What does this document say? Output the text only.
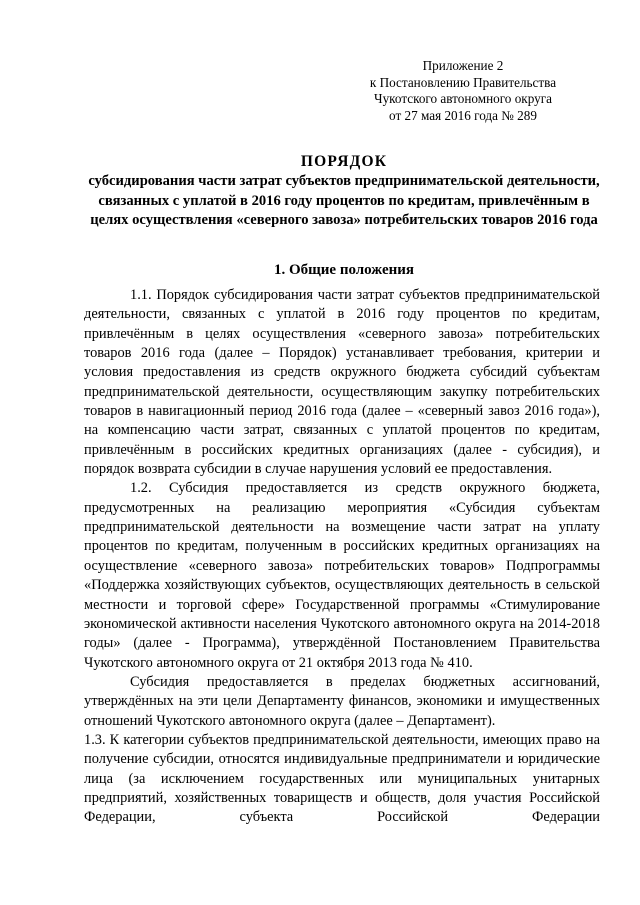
Приложение 2
к Постановлению Правительства
Чукотского автономного округа
от 27 мая 2016 года № 289
ПОРЯДОК
субсидирования части затрат субъектов предпринимательской деятельности, связанных с уплатой в 2016 году процентов по кредитам, привлечённым в целях осуществления «северного завоза» потребительских товаров 2016 года
1. Общие положения

1.1. Порядок субсидирования части затрат субъектов предпринимательской деятельности, связанных с уплатой в 2016 году процентов по кредитам, привлечённым в целях осуществления «северного завоза» потребительских товаров 2016 года (далее – Порядок) устанавливает требования, критерии и условия предоставления из средств окружного бюджета субсидий субъектам предпринимательской деятельности, осуществляющим закупку потребительских товаров в навигационный период 2016 года (далее – «северный завоз 2016 года»), на компенсацию части затрат, связанных с уплатой процентов по кредитам, привлечённым в российских кредитных организациях (далее - субсидия), и порядок возврата субсидии в случае нарушения условий ее предоставления.

1.2. Субсидия предоставляется из средств окружного бюджета, предусмотренных на реализацию мероприятия «Субсидия субъектам предпринимательской деятельности на возмещение части затрат на уплату процентов по кредитам, полученным в российских кредитных организациях на осуществление «северного завоза» потребительских товаров» Подпрограммы «Поддержка хозяйствующих субъектов, осуществляющих деятельность в сельской местности и торговой сфере» Государственной программы «Стимулирование экономической активности населения Чукотского автономного округа на 2014-2018 годы» (далее - Программа), утверждённой Постановлением Правительства Чукотского автономного округа от 21 октября 2013 года № 410.

Субсидия предоставляется в пределах бюджетных ассигнований, утверждённых на эти цели Департаменту финансов, экономики и имущественных отношений Чукотского автономного округа (далее – Департамент).

1.3. К категории субъектов предпринимательской деятельности, имеющих право на получение субсидии, относятся индивидуальные предприниматели и юридические лица (за исключением государственных или муниципальных унитарных предприятий, хозяйственных товариществ и обществ, доля участия Российской Федерации, субъекта Российской Федерации
